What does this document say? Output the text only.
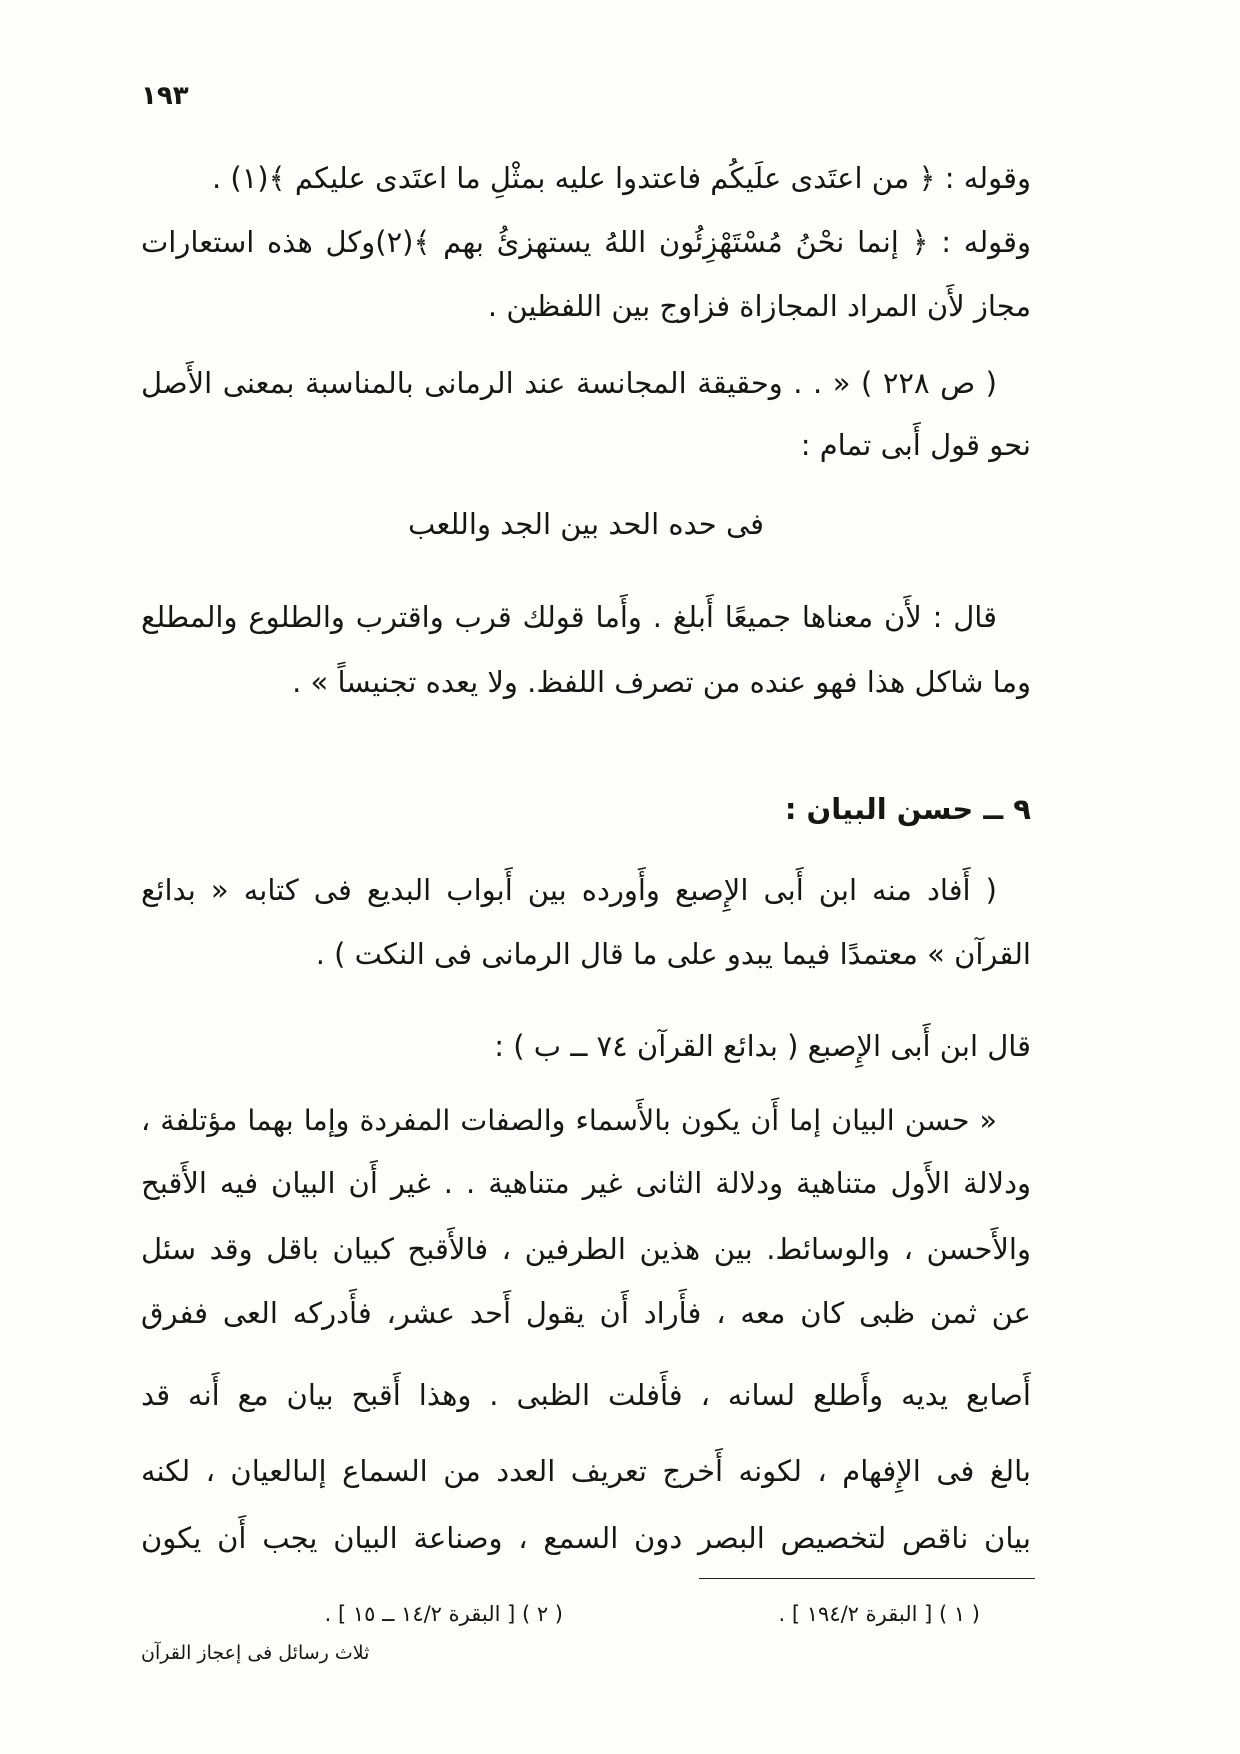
١٩٣
وقوله : ﴿ من اعتَدى علَيكُم فاعتدوا عليه بمثْلِ ما اعتَدى عليكم ﴾(١) .
وقوله : ﴿ إنما نحْنُ مُسْتَهْزِئُون اللهُ يستهزئُ بهم ﴾(٢)وكل هذه استعارات
مجاز لأَن المراد المجازاة فزاوج بين اللفظين .
( ص ٢٢٨ ) « . . وحقيقة المجانسة عند الرمانى بالمناسبة بمعنى الأَصل
نحو قول أَبى تمام :
فى حده الحد بين الجد واللعب
قال : لأَن معناها جميعًا أَبلغ . وأَما قولك قرب واقترب والطلوع والمطلع
وما شاكل هذا فهو عنده من تصرف اللفظ. ولا يعده تجنيساً » .
٩ ــ حسن البيان :
( أَفاد منه ابن أَبى الإِصبع وأَورده بين أَبواب البديع فى كتابه « بدائع
القرآن » معتمدًا فيما يبدو على ما قال الرمانى فى النكت ) .
قال ابن أَبى الإِصبع ( بدائع القرآن ٧٤ ــ ب ) :
« حسن البيان إما أَن يكون بالأَسماء والصفات المفردة وإما بهما مؤتلفة ،
ودلالة الأَول متناهية ودلالة الثانى غير متناهية . . غير أَن البيان فيه الأَقبح
والأَحسن ، والوسائط. بين هذين الطرفين ، فالأَقبح كبيان باقل وقد سئل
عن ثمن ظبى كان معه ، فأَراد أَن يقول أَحد عشر، فأَدركه العى ففرق
أَصابع يديه وأَطلع لسانه ، فأَفلت الظبى . وهذا أَقبح بيان مع أَنه قد
بالغ فى الإِفهام ، لكونه أَخرج تعريف العدد من السماع إلىالعيان ، لكنه
بيان ناقص لتخصيص البصر دون السمع ، وصناعة البيان يجب أَن يكون
( ١ ) [ البقرة ١٩٤/٢ ] .
( ٢ ) [ البقرة ١٤/٢ ــ ١٥ ] .
ثلاث رسائل فى إعجاز القرآن
